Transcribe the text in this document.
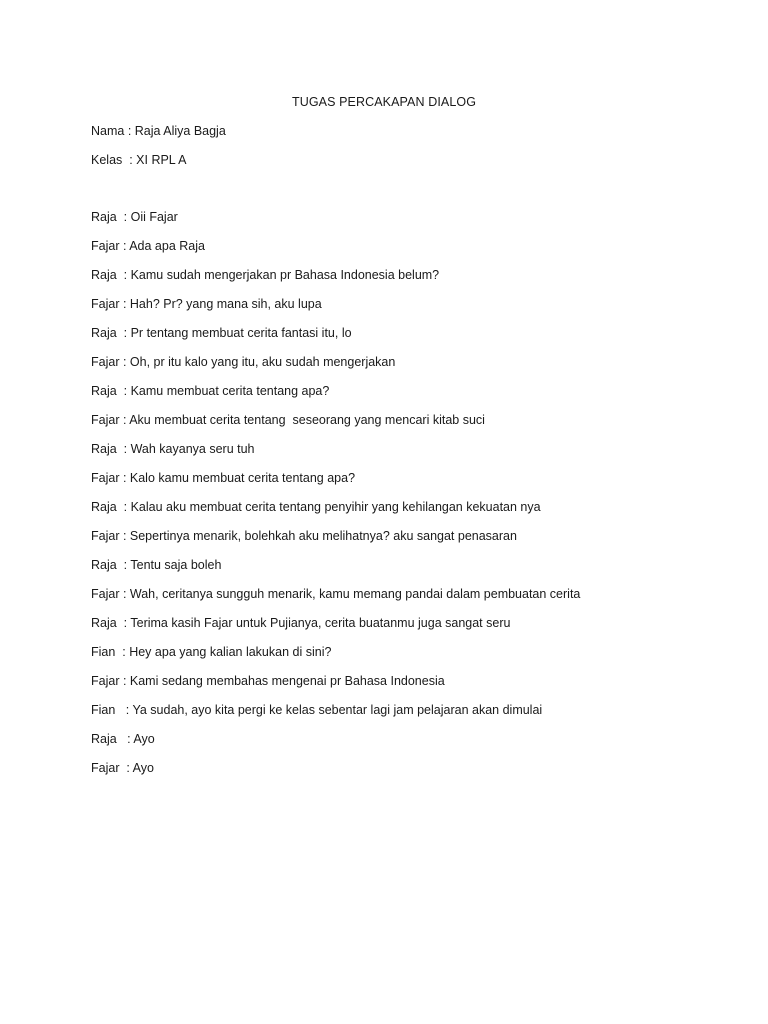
TUGAS PERCAKAPAN DIALOG
Nama : Raja Aliya Bagja
Kelas  : XI RPL A
Raja  : Oii Fajar
Fajar : Ada apa Raja
Raja  : Kamu sudah mengerjakan pr Bahasa Indonesia belum?
Fajar : Hah? Pr? yang mana sih, aku lupa
Raja  : Pr tentang membuat cerita fantasi itu, lo
Fajar : Oh, pr itu kalo yang itu, aku sudah mengerjakan
Raja  : Kamu membuat cerita tentang apa?
Fajar : Aku membuat cerita tentang  seseorang yang mencari kitab suci
Raja  : Wah kayanya seru tuh
Fajar : Kalo kamu membuat cerita tentang apa?
Raja  : Kalau aku membuat cerita tentang penyihir yang kehilangan kekuatan nya
Fajar : Sepertinya menarik, bolehkah aku melihatnya? aku sangat penasaran
Raja  : Tentu saja boleh
Fajar : Wah, ceritanya sungguh menarik, kamu memang pandai dalam pembuatan cerita
Raja  : Terima kasih Fajar untuk Pujianya, cerita buatanmu juga sangat seru
Fian  : Hey apa yang kalian lakukan di sini?
Fajar : Kami sedang membahas mengenai pr Bahasa Indonesia
Fian   : Ya sudah, ayo kita pergi ke kelas sebentar lagi jam pelajaran akan dimulai
Raja   : Ayo
Fajar  : Ayo
